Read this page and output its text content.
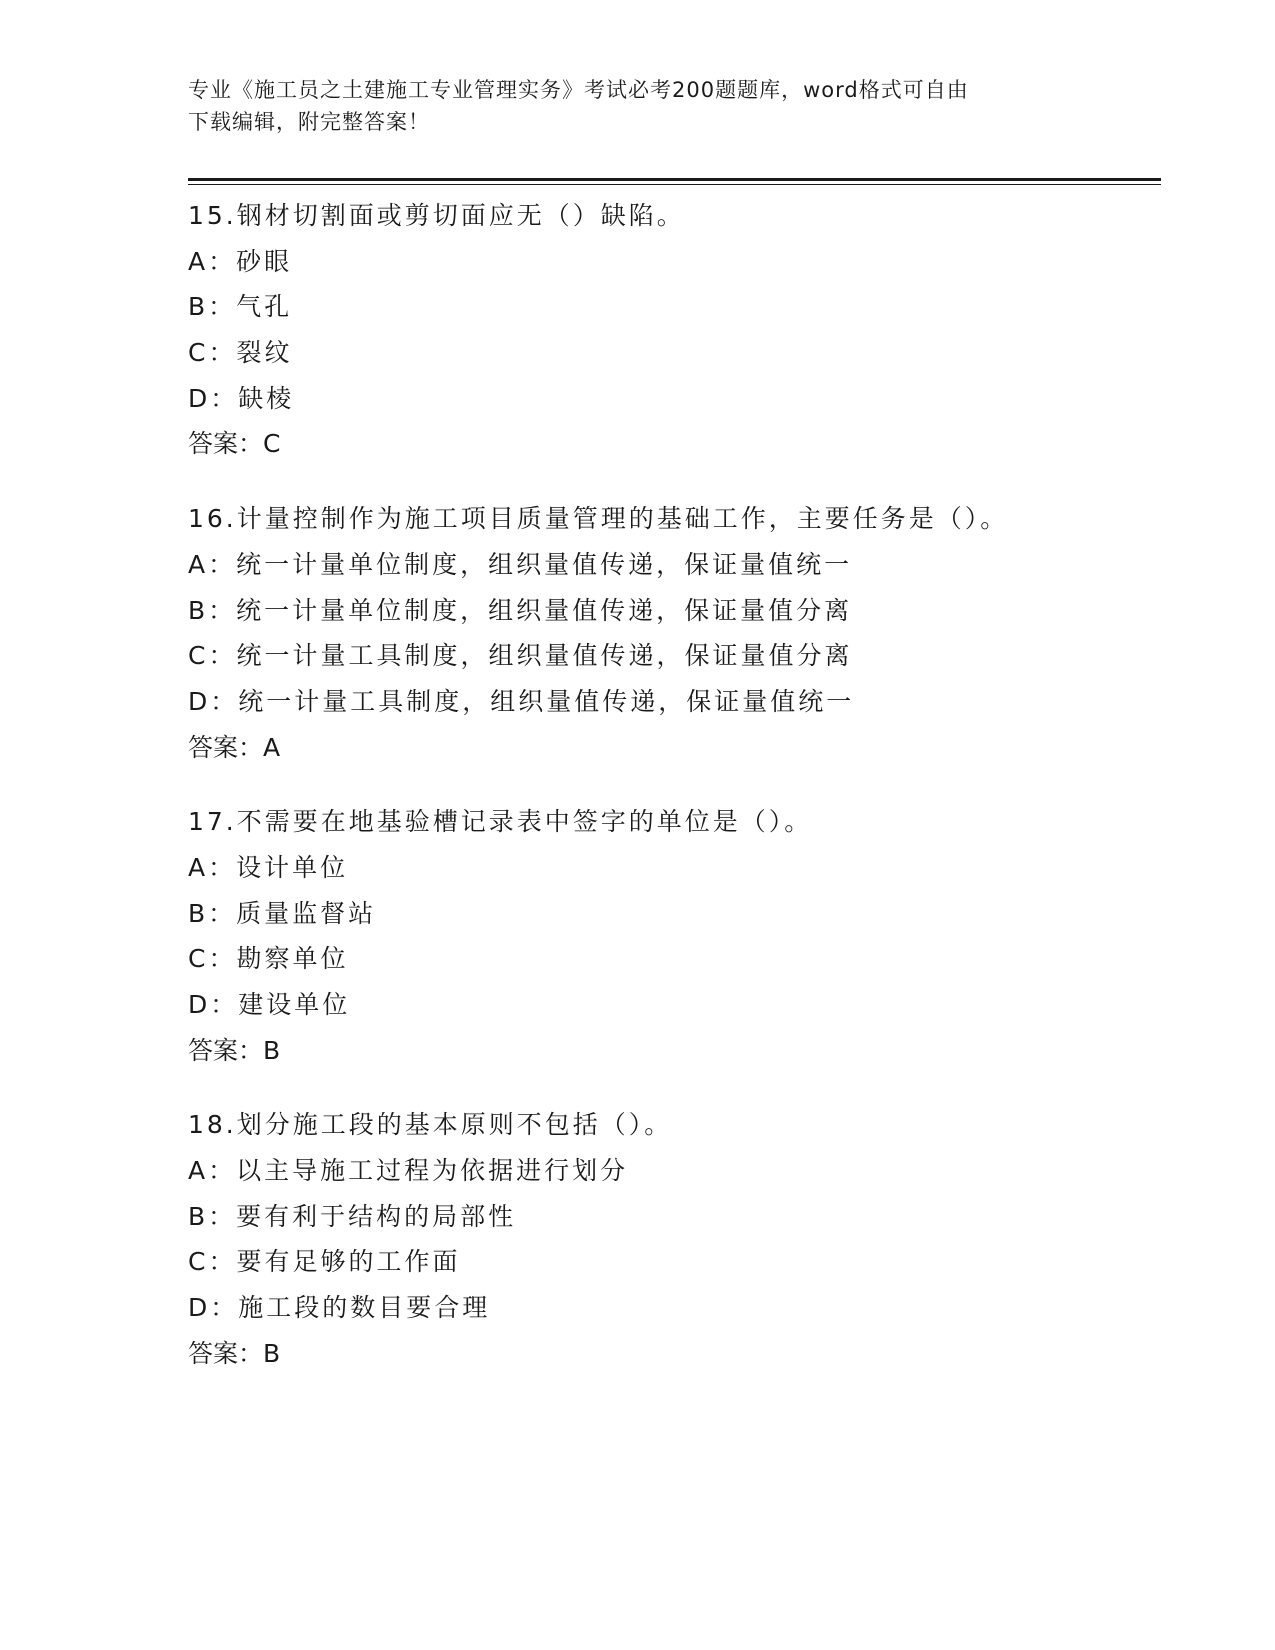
专业《施工员之土建施工专业管理实务》考试必考200题题库，word格式可自由
下载编辑，附完整答案！
15.钢材切割面或剪切面应无（）缺陷。
A：砂眼
B：气孔
C：裂纹
D：缺棱
答案：C
16.计量控制作为施工项目质量管理的基础工作，主要任务是（）。
A：统一计量单位制度，组织量值传递，保证量值统一
B：统一计量单位制度，组织量值传递，保证量值分离
C：统一计量工具制度，组织量值传递，保证量值分离
D：统一计量工具制度，组织量值传递，保证量值统一
答案：A
17.不需要在地基验槽记录表中签字的单位是（）。
A：设计单位
B：质量监督站
C：勘察单位
D：建设单位
答案：B
18.划分施工段的基本原则不包括（）。
A：以主导施工过程为依据进行划分
B：要有利于结构的局部性
C：要有足够的工作面
D：施工段的数目要合理
答案：B
